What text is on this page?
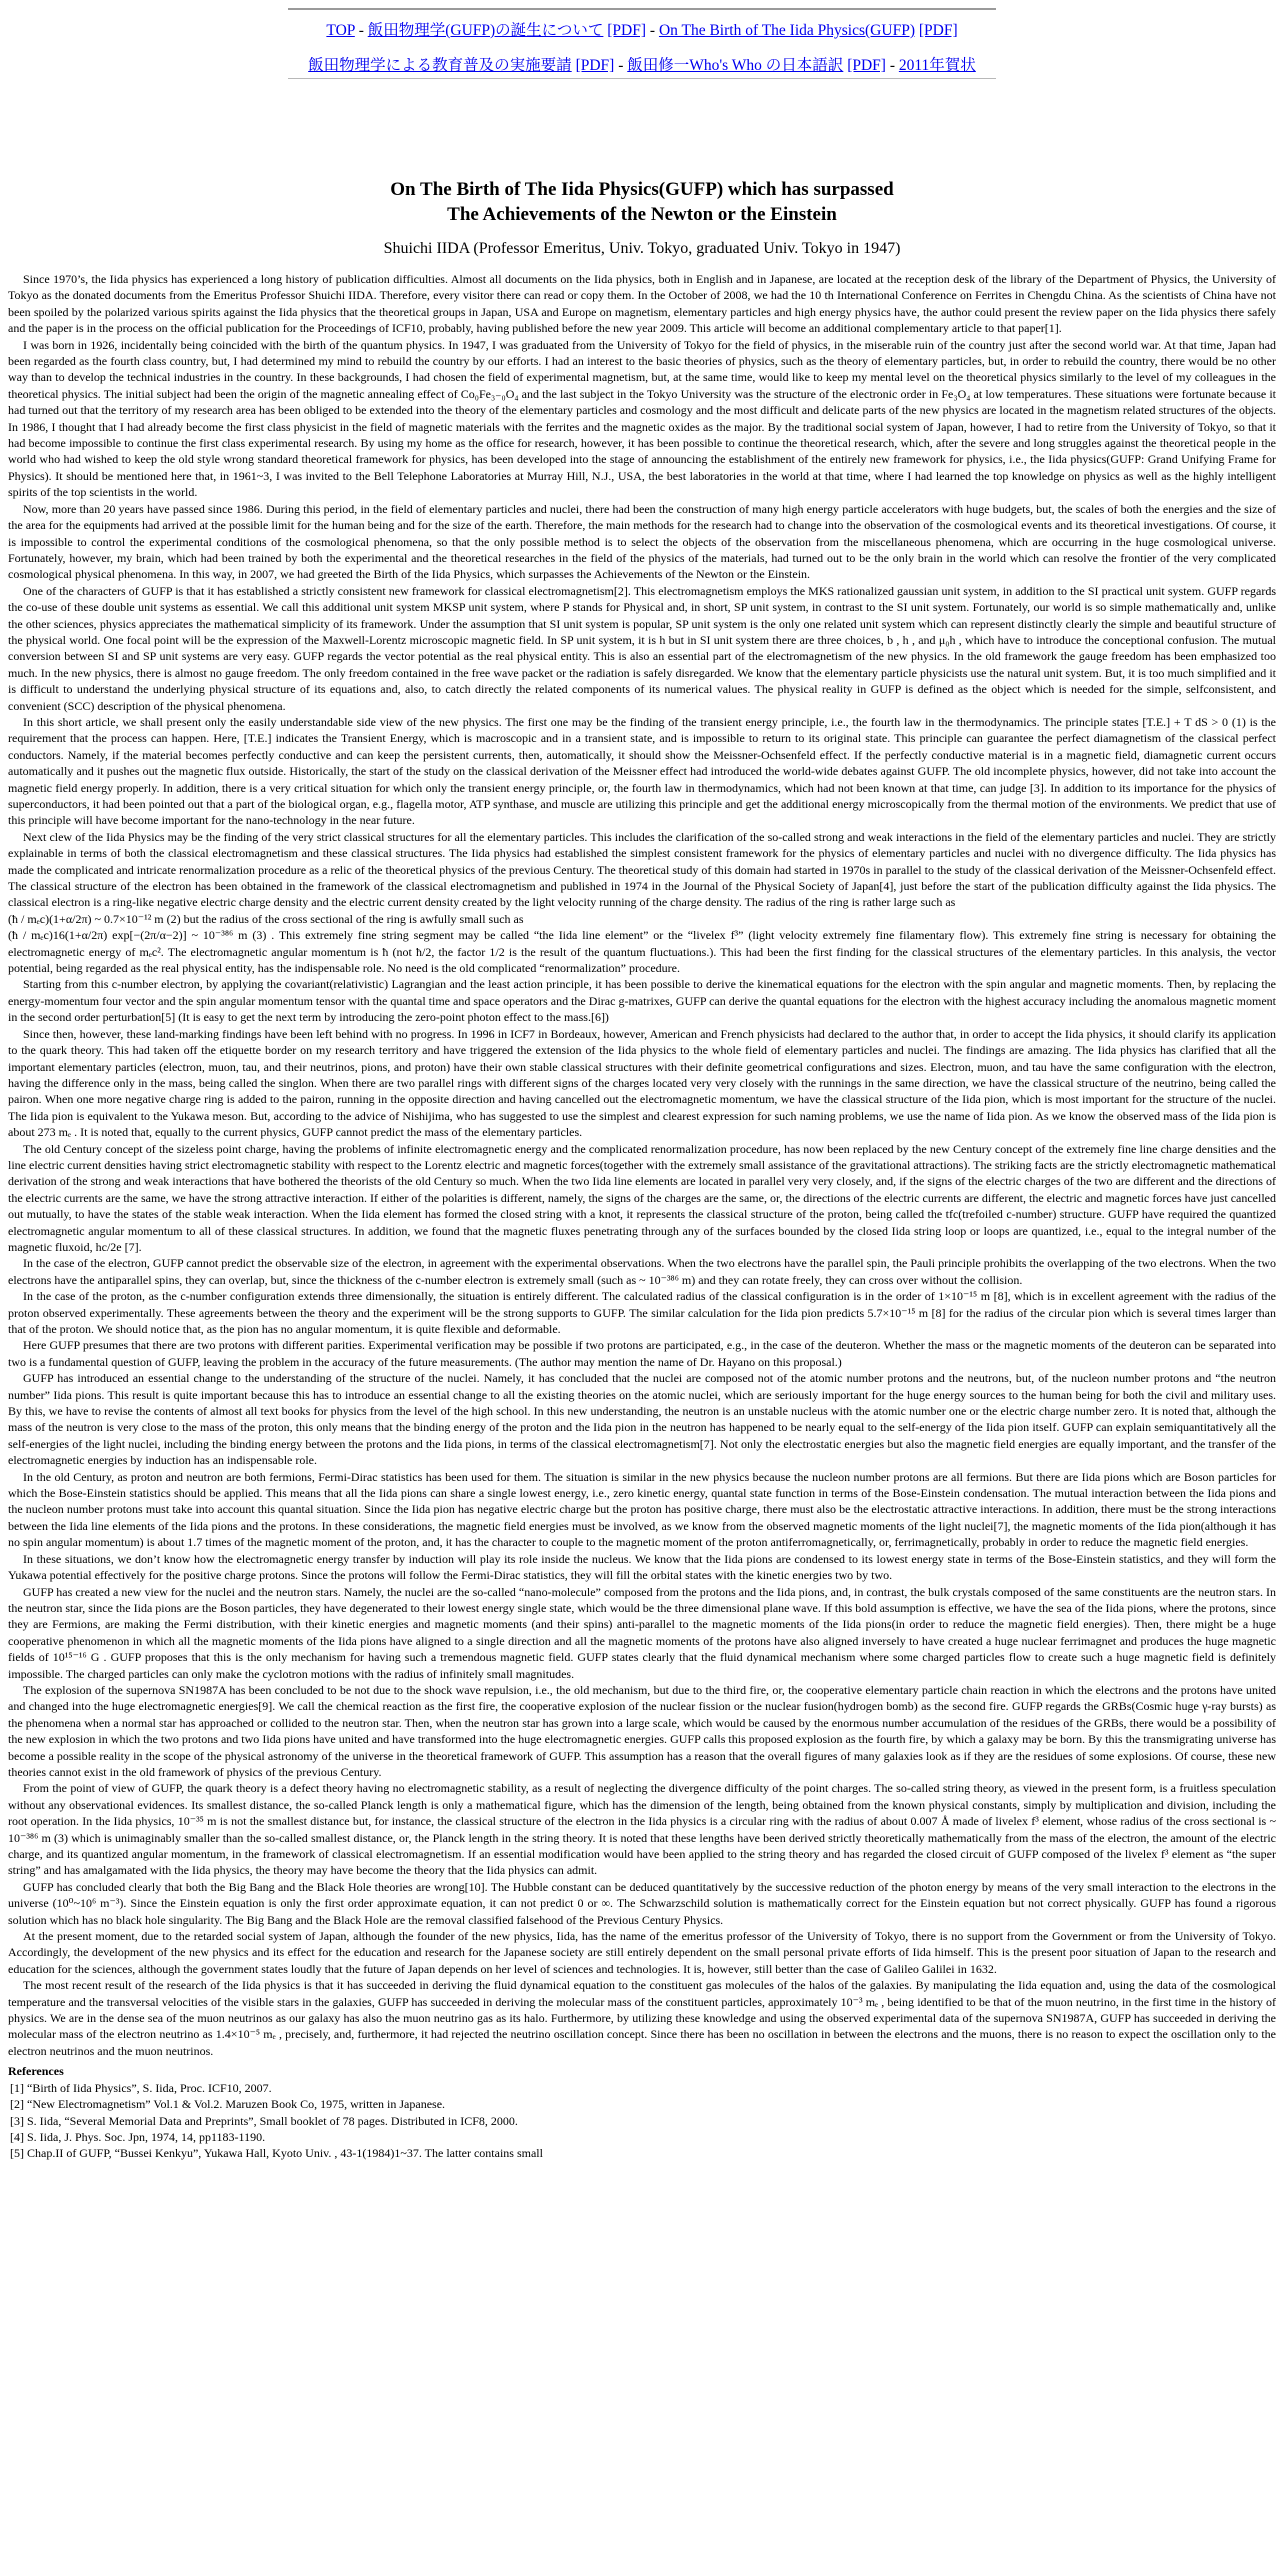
TOP - 飯田物理学(GUFP)の誕生について [PDF] - On The Birth of The Iida Physics(GUFP) [PDF]
飯田物理学による教育普及の実施要請 [PDF] - 飯田修一Who's Who の日本語訳 [PDF] - 2011年賀状
On The Birth of The Iida Physics(GUFP) which has surpassed
The Achievements of the Newton or the Einstein
Shuichi IIDA (Professor Emeritus, Univ. Tokyo, graduated Univ. Tokyo in 1947)

Since 1970’s, the Iida physics has experienced a long history of publication difficulties. Almost all documents on the Iida physics, both in English and in Japanese, are located at the reception desk of the library of the Department of Physics, the University of Tokyo as the donated documents from the Emeritus Professor Shuichi IIDA. Therefore, every visitor there can read or copy them. In the October of 2008, we had the 10 th International Conference on Ferrites in Chengdu China. As the scientists of China have not been spoiled by the polarized various spirits against the Iida physics that the theoretical groups in Japan, USA and Europe on magnetism, elementary particles and high energy physics have, the author could present the review paper on the Iida physics there safely and the paper is in the process on the official publication for the Proceedings of ICF10, probably, having published before the new year 2009. This article will become an additional complementary article to that paper[1].

I was born in 1926, incidentally being coincided with the birth of the quantum physics. In 1947, I was graduated from the University of Tokyo for the field of physics, in the miserable ruin of the country just after the second world war. At that time, Japan had been regarded as the fourth class country, but, I had determined my mind to rebuild the country by our efforts. I had an interest to the basic theories of physics, such as the theory of elementary particles, but, in order to rebuild the country, there would be no other way than to develop the technical industries in the country. In these backgrounds, I had chosen the field of experimental magnetism, but, at the same time, would like to keep my mental level on the theoretical physics similarly to the level of my colleagues in the theoretical physics. The initial subject had been the origin of the magnetic annealing effect of Co₀Fe₃₋₀O₄ and the last subject in the Tokyo University was the structure of the electronic order in Fe₃O₄ at low temperatures. These situations were fortunate because it had turned out that the territory of my research area has been obliged to be extended into the theory of the elementary particles and cosmology and the most difficult and delicate parts of the new physics are located in the magnetism related structures of the objects. In 1986, I thought that I had already become the first class physicist in the field of magnetic materials with the ferrites and the magnetic oxides as the major. By the traditional social system of Japan, however, I had to retire from the University of Tokyo, so that it had become impossible to continue the first class experimental research. By using my home as the office for research, however, it has been possible to continue the theoretical research, which, after the severe and long struggles against the theoretical people in the world who had wished to keep the old style wrong standard theoretical framework for physics, has been developed into the stage of announcing the establishment of the entirely new framework for physics, i.e., the Iida physics(GUFP: Grand Unifying Frame for Physics). It should be mentioned here that, in 1961~3, I was invited to the Bell Telephone Laboratories at Murray Hill, N.J., USA, the best laboratories in the world at that time, where I had learned the top knowledge on physics as well as the highly intelligent spirits of the top scientists in the world.

Now, more than 20 years have passed since 1986. During this period, in the field of elementary particles and nuclei, there had been the construction of many high energy particle accelerators with huge budgets, but, the scales of both the energies and the size of the area for the equipments had arrived at the possible limit for the human being and for the size of the earth. Therefore, the main methods for the research had to change into the observation of the cosmological events and its theoretical investigations. Of course, it is impossible to control the experimental conditions of the cosmological phenomena, so that the only possible method is to select the objects of the observation from the miscellaneous phenomena, which are occurring in the huge cosmological universe. Fortunately, however, my brain, which had been trained by both the experimental and the theoretical researches in the field of the physics of the materials, had turned out to be the only brain in the world which can resolve the frontier of the very complicated cosmological physical phenomena. In this way, in 2007, we had greeted the Birth of the Iida Physics, which surpasses the Achievements of the Newton or the Einstein.

One of the characters of GUFP is that it has established a strictly consistent new framework for classical electromagnetism[2]. This electromagnetism employs the MKS rationalized gaussian unit system, in addition to the SI practical unit system. GUFP regards the co-use of these double unit systems as essential. We call this additional unit system MKSP unit system, where P stands for Physical and, in short, SP unit system, in contrast to the SI unit system. Fortunately, our world is so simple mathematically and, unlike the other sciences, physics appreciates the mathematical simplicity of its framework. Under the assumption that SI unit system is popular, SP unit system is the only one related unit system which can represent distinctly clearly the simple and beautiful structure of the physical world. One focal point will be the expression of the Maxwell-Lorentz microscopic magnetic field. In SP unit system, it is h but in SI unit system there are three choices, b , h , and μ₀h , which have to introduce the conceptional confusion. The mutual conversion between SI and SP unit systems are very easy. GUFP regards the vector potential as the real physical entity. This is also an essential part of the electromagnetism of the new physics. In the old framework the gauge freedom has been emphasized too much. In the new physics, there is almost no gauge freedom. The only freedom contained in the free wave packet or the radiation is safely disregarded. We know that the elementary particle physicists use the natural unit system. But, it is too much simplified and it is difficult to understand the underlying physical structure of its equations and, also, to catch directly the related components of its numerical values. The physical reality in GUFP is defined as the object which is needed for the simple, selfconsistent, and convenient (SCC) description of the physical phenomena.

In this short article, we shall present only the easily understandable side view of the new physics. The first one may be the finding of the transient energy principle, i.e., the fourth law in the thermodynamics. The principle states [T.E.] + T dS > 0 (1) is the requirement that the process can happen. Here, [T.E.] indicates the Transient Energy, which is macroscopic and in a transient state, and is impossible to return to its original state. This principle can guarantee the perfect diamagnetism of the classical perfect conductors. Namely, if the material becomes perfectly conductive and can keep the persistent currents, then, automatically, it should show the Meissner-Ochsenfeld effect. If the perfectly conductive material is in a magnetic field, diamagnetic current occurs automatically and it pushes out the magnetic flux outside. Historically, the start of the study on the classical derivation of the Meissner effect had introduced the world-wide debates against GUFP. The old incomplete physics, however, did not take into account the magnetic field energy properly. In addition, there is a very critical situation for which only the transient energy principle, or, the fourth law in thermodynamics, which had not been known at that time, can judge [3]. In addition to its importance for the physics of superconductors, it had been pointed out that a part of the biological organ, e.g., flagella motor, ATP synthase, and muscle are utilizing this principle and get the additional energy microscopically from the thermal motion of the environments. We predict that use of this principle will have become important for the nano-technology in the near future.

Next clew of the Iida Physics may be the finding of the very strict classical structures for all the elementary particles. This includes the clarification of the so-called strong and weak interactions in the field of the elementary particles and nuclei. They are strictly explainable in terms of both the classical electromagnetism and these classical structures. The Iida physics had established the simplest consistent framework for the physics of elementary particles and nuclei with no divergence difficulty. The Iida physics has made the complicated and intricate renormalization procedure as a relic of the theoretical physics of the previous Century. The theoretical study of this domain had started in 1970s in parallel to the study of the classical derivation of the Meissner-Ochsenfeld effect. The classical structure of the electron has been obtained in the framework of the classical electromagnetism and published in 1974 in the Journal of the Physical Society of Japan[4], just before the start of the publication difficulty against the Iida physics. The classical electron is a ring-like negative electric charge density and the electric current density created by the light velocity running of the charge density. The radius of the ring is rather large such as

(ħ / mₑc)(1+α/2π) ~ 0.7×10⁻¹² m (2) but the radius of the cross sectional of the ring is awfully small such as

(ħ / mₑc)16(1+α/2π) exp[−(2π/α−2)] ~ 10⁻³⁸⁶ m (3) . This extremely fine string segment may be called “the Iida line element” or the “livelex f³” (light velocity extremely fine filamentary flow). This extremely fine string is necessary for obtaining the electromagnetic energy of mₑc². The electromagnetic angular momentum is ħ (not ħ/2, the factor 1/2 is the result of the quantum fluctuations.). This had been the first finding for the classical structures of the elementary particles. In this analysis, the vector potential, being regarded as the real physical entity, has the indispensable role. No need is the old complicated “renormalization” procedure.

Starting from this c-number electron, by applying the covariant(relativistic) Lagrangian and the least action principle, it has been possible to derive the kinematical equations for the electron with the spin angular and magnetic moments. Then, by replacing the energy-momentum four vector and the spin angular momentum tensor with the quantal time and space operators and the Dirac g-matrixes, GUFP can derive the quantal equations for the electron with the highest accuracy including the anomalous magnetic moment in the second order perturbation[5] (It is easy to get the next term by introducing the zero-point photon effect to the mass.[6])

Since then, however, these land-marking findings have been left behind with no progress. In 1996 in ICF7 in Bordeaux, however, American and French physicists had declared to the author that, in order to accept the Iida physics, it should clarify its application to the quark theory. This had taken off the etiquette border on my research territory and have triggered the extension of the Iida physics to the whole field of elementary particles and nuclei. The findings are amazing. The Iida physics has clarified that all the important elementary particles (electron, muon, tau, and their neutrinos, pions, and proton) have their own stable classical structures with their definite geometrical configurations and sizes. Electron, muon, and tau have the same configuration with the electron, having the difference only in the mass, being called the singlon. When there are two parallel rings with different signs of the charges located very very closely with the runnings in the same direction, we have the classical structure of the neutrino, being called the pairon. When one more negative charge ring is added to the pairon, running in the opposite direction and having cancelled out the electromagnetic momentum, we have the classical structure of the Iida pion, which is most important for the structure of the nuclei. The Iida pion is equivalent to the Yukawa meson. But, according to the advice of Nishijima, who has suggested to use the simplest and clearest expression for such naming problems, we use the name of Iida pion. As we know the observed mass of the Iida pion is about 273 mₑ . It is noted that, equally to the current physics, GUFP cannot predict the mass of the elementary particles.

The old Century concept of the sizeless point charge, having the problems of infinite electromagnetic energy and the complicated renormalization procedure, has now been replaced by the new Century concept of the extremely fine line charge densities and the line electric current densities having strict electromagnetic stability with respect to the Lorentz electric and magnetic forces(together with the extremely small assistance of the gravitational attractions). The striking facts are the strictly electromagnetic mathematical derivation of the strong and weak interactions that have bothered the theorists of the old Century so much. When the two Iida line elements are located in parallel very very closely, and, if the signs of the electric charges of the two are different and the directions of the electric currents are the same, we have the strong attractive interaction. If either of the polarities is different, namely, the signs of the charges are the same, or, the directions of the electric currents are different, the electric and magnetic forces have just cancelled out mutually, to have the states of the stable weak interaction. When the Iida element has formed the closed string with a knot, it represents the classical structure of the proton, being called the tfc(trefoiled c-number) structure. GUFP have required the quantized electromagnetic angular momentum to all of these classical structures. In addition, we found that the magnetic fluxes penetrating through any of the surfaces bounded by the closed Iida string loop or loops are quantized, i.e., equal to the integral number of the magnetic fluxoid, hc/2e [7].

In the case of the electron, GUFP cannot predict the observable size of the electron, in agreement with the experimental observations. When the two electrons have the parallel spin, the Pauli principle prohibits the overlapping of the two electrons. When the two electrons have the antiparallel spins, they can overlap, but, since the thickness of the c-number electron is extremely small (such as ~ 10⁻³⁸⁶ m) and they can rotate freely, they can cross over without the collision.

In the case of the proton, as the c-number configuration extends three dimensionally, the situation is entirely different. The calculated radius of the classical configuration is in the order of 1×10⁻¹⁵ m [8], which is in excellent agreement with the radius of the proton observed experimentally. These agreements between the theory and the experiment will be the strong supports to GUFP. The similar calculation for the Iida pion predicts 5.7×10⁻¹⁵ m [8] for the radius of the circular pion which is several times larger than that of the proton. We should notice that, as the pion has no angular momentum, it is quite flexible and deformable.

Here GUFP presumes that there are two protons with different parities. Experimental verification may be possible if two protons are participated, e.g., in the case of the deuteron. Whether the mass or the magnetic moments of the deuteron can be separated into two is a fundamental question of GUFP, leaving the problem in the accuracy of the future measurements. (The author may mention the name of Dr. Hayano on this proposal.)

GUFP has introduced an essential change to the understanding of the structure of the nuclei. Namely, it has concluded that the nuclei are composed not of the atomic number protons and the neutrons, but, of the nucleon number protons and “the neutron number” Iida pions. This result is quite important because this has to introduce an essential change to all the existing theories on the atomic nuclei, which are seriously important for the huge energy sources to the human being for both the civil and military uses. By this, we have to revise the contents of almost all text books for physics from the level of the high school. In this new understanding, the neutron is an unstable nucleus with the atomic number one or the electric charge number zero. It is noted that, although the mass of the neutron is very close to the mass of the proton, this only means that the binding energy of the proton and the Iida pion in the neutron has happened to be nearly equal to the self-energy of the Iida pion itself. GUFP can explain semiquantitatively all the self-energies of the light nuclei, including the binding energy between the protons and the Iida pions, in terms of the classical electromagnetism[7]. Not only the electrostatic energies but also the magnetic field energies are equally important, and the transfer of the electromagnetic energies by induction has an indispensable role.

In the old Century, as proton and neutron are both fermions, Fermi-Dirac statistics has been used for them. The situation is similar in the new physics because the nucleon number protons are all fermions. But there are Iida pions which are Boson particles for which the Bose-Einstein statistics should be applied. This means that all the Iida pions can share a single lowest energy, i.e., zero kinetic energy, quantal state function in terms of the Bose-Einstein condensation. The mutual interaction between the Iida pions and the nucleon number protons must take into account this quantal situation. Since the Iida pion has negative electric charge but the proton has positive charge, there must also be the electrostatic attractive interactions. In addition, there must be the strong interactions between the Iida line elements of the Iida pions and the protons. In these considerations, the magnetic field energies must be involved, as we know from the observed magnetic moments of the light nuclei[7], the magnetic moments of the Iida pion(although it has no spin angular momentum) is about 1.7 times of the magnetic moment of the proton, and, it has the character to couple to the magnetic moment of the proton antiferromagnetically, or, ferrimagnetically, probably in order to reduce the magnetic field energies.

In these situations, we don’t know how the electromagnetic energy transfer by induction will play its role inside the nucleus. We know that the Iida pions are condensed to its lowest energy state in terms of the Bose-Einstein statistics, and they will form the Yukawa potential effectively for the positive charge protons. Since the protons will follow the Fermi-Dirac statistics, they will fill the orbital states with the kinetic energies two by two.

GUFP has created a new view for the nuclei and the neutron stars. Namely, the nuclei are the so-called “nano-molecule” composed from the protons and the Iida pions, and, in contrast, the bulk crystals composed of the same constituents are the neutron stars. In the neutron star, since the Iida pions are the Boson particles, they have degenerated to their lowest energy single state, which would be the three dimensional plane wave. If this bold assumption is effective, we have the sea of the Iida pions, where the protons, since they are Fermions, are making the Fermi distribution, with their kinetic energies and magnetic moments (and their spins) anti-parallel to the magnetic moments of the Iida pions(in order to reduce the magnetic field energies). Then, there might be a huge cooperative phenomenon in which all the magnetic moments of the Iida pions have aligned to a single direction and all the magnetic moments of the protons have also aligned inversely to have created a huge nuclear ferrimagnet and produces the huge magnetic fields of 10¹⁵⁻¹⁶ G . GUFP proposes that this is the only mechanism for having such a tremendous magnetic field. GUFP states clearly that the fluid dynamical mechanism where some charged particles flow to create such a huge magnetic field is definitely impossible. The charged particles can only make the cyclotron motions with the radius of infinitely small magnitudes.

The explosion of the supernova SN1987A has been concluded to be not due to the shock wave repulsion, i.e., the old mechanism, but due to the third fire, or, the cooperative elementary particle chain reaction in which the electrons and the protons have united and changed into the huge electromagnetic energies[9]. We call the chemical reaction as the first fire, the cooperative explosion of the nuclear fission or the nuclear fusion(hydrogen bomb) as the second fire. GUFP regards the GRBs(Cosmic huge γ-ray bursts) as the phenomena when a normal star has approached or collided to the neutron star. Then, when the neutron star has grown into a large scale, which would be caused by the enormous number accumulation of the residues of the GRBs, there would be a possibility of the new explosion in which the two protons and two Iida pions have united and have transformed into the huge electromagnetic energies. GUFP calls this proposed explosion as the fourth fire, by which a galaxy may be born. By this the transmigrating universe has become a possible reality in the scope of the physical astronomy of the universe in the theoretical framework of GUFP. This assumption has a reason that the overall figures of many galaxies look as if they are the residues of some explosions. Of course, these new theories cannot exist in the old framework of physics of the previous Century.

From the point of view of GUFP, the quark theory is a defect theory having no electromagnetic stability, as a result of neglecting the divergence difficulty of the point charges. The so-called string theory, as viewed in the present form, is a fruitless speculation without any observational evidences. Its smallest distance, the so-called Planck length is only a mathematical figure, which has the dimension of the length, being obtained from the known physical constants, simply by multiplication and division, including the root operation. In the Iida physics, 10⁻³⁵ m is not the smallest distance but, for instance, the classical structure of the electron in the Iida physics is a circular ring with the radius of about 0.007 Å made of livelex f³ element, whose radius of the cross sectional is ~ 10⁻³⁸⁶ m (3) which is unimaginably smaller than the so-called smallest distance, or, the Planck length in the string theory. It is noted that these lengths have been derived strictly theoretically mathematically from the mass of the electron, the amount of the electric charge, and its quantized angular momentum, in the framework of classical electromagnetism. If an essential modification would have been applied to the string theory and has regarded the closed circuit of GUFP composed of the livelex f³ element as “the super string” and has amalgamated with the Iida physics, the theory may have become the theory that the Iida physics can admit.

GUFP has concluded clearly that both the Big Bang and the Black Hole theories are wrong[10]. The Hubble constant can be deduced quantitatively by the successive reduction of the photon energy by means of the very small interaction to the electrons in the universe (10⁰~10⁶ m⁻³). Since the Einstein equation is only the first order approximate equation, it can not predict 0 or ∞. The Schwarzschild solution is mathematically correct for the Einstein equation but not correct physically. GUFP has found a rigorous solution which has no black hole singularity. The Big Bang and the Black Hole are the removal classified falsehood of the Previous Century Physics.

At the present moment, due to the retarded social system of Japan, although the founder of the new physics, Iida, has the name of the emeritus professor of the University of Tokyo, there is no support from the Government or from the University of Tokyo. Accordingly, the development of the new physics and its effect for the education and research for the Japanese society are still entirely dependent on the small personal private efforts of Iida himself. This is the present poor situation of Japan to the research and education for the sciences, although the government states loudly that the future of Japan depends on her level of sciences and technologies. It is, however, still better than the case of Galileo Galilei in 1632.

The most recent result of the research of the Iida physics is that it has succeeded in deriving the fluid dynamical equation to the constituent gas molecules of the halos of the galaxies. By manipulating the Iida equation and, using the data of the cosmological temperature and the transversal velocities of the visible stars in the galaxies, GUFP has succeeded in deriving the molecular mass of the constituent particles, approximately 10⁻³ mₑ , being identified to be that of the muon neutrino, in the first time in the history of physics. We are in the dense sea of the muon neutrinos as our galaxy has also the muon neutrino gas as its halo. Furthermore, by utilizing these knowledge and using the observed experimental data of the supernova SN1987A, GUFP has succeeded in deriving the molecular mass of the electron neutrino as 1.4×10⁻⁵ mₑ , precisely, and, furthermore, it had rejected the neutrino oscillation concept. Since there has been no oscillation in between the electrons and the muons, there is no reason to expect the oscillation only to the electron neutrinos and the muon neutrinos.

References
[1] “Birth of Iida Physics”, S. Iida, Proc. ICF10, 2007.
[2] “New Electromagnetism” Vol.1 & Vol.2. Maruzen Book Co, 1975, written in Japanese.
[3] S. Iida, “Several Memorial Data and Preprints”, Small booklet of 78 pages. Distributed in ICF8, 2000.
[4] S. Iida, J. Phys. Soc. Jpn, 1974, 14, pp1183-1190.
[5] Chap.II of GUFP, “Bussei Kenkyu”, Yukawa Hall, Kyoto Univ. , 43-1(1984)1~37. The latter contains small
